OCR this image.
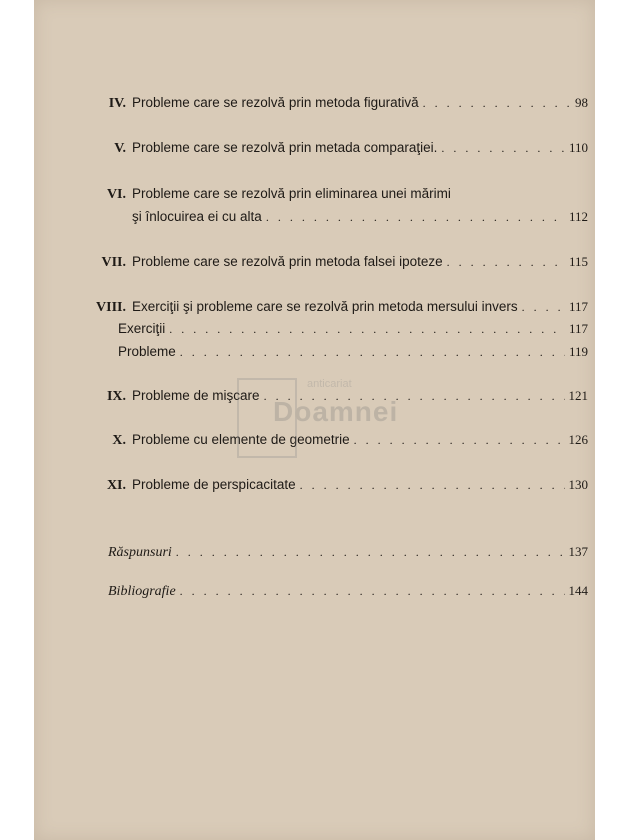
IV. Probleme care se rezolvă prin metoda figurativă . . .	98
V. Probleme care se rezolvă prin metada comparaţiei. . . .	110
VI. Probleme care se rezolvă prin eliminarea unei mărimi
şi înlocuirea ei cu alta . . .	112
VII. Probleme care se rezolvă prin metoda falsei ipoteze . . .	115
VIII. Exerciţii şi probleme care se rezolvă prin metoda mersului invers . . .	117
Exerciţii . . .	117
Probleme . . .	119
IX. Probleme de mişcare . . .	121
X. Probleme cu elemente de geometrie . . .	126
XI. Probleme de perspicacitate . . .	130
Răspunsuri . . .	137
Bibliografie . . .	144
anticariat
Doamnei
